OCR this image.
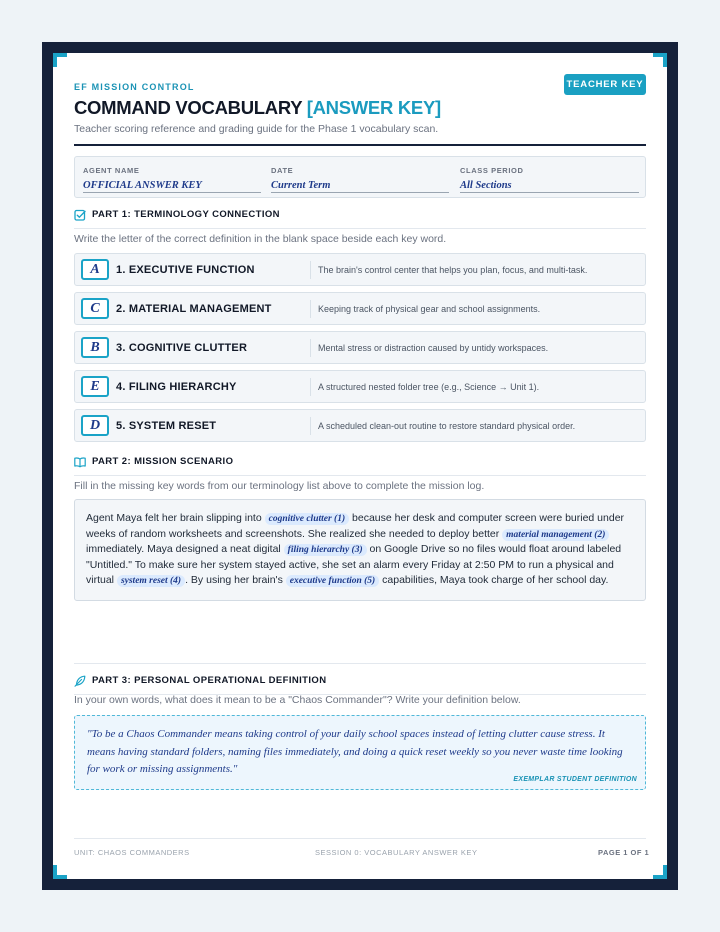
EF MISSION CONTROL	TEACHER KEY
COMMAND VOCABULARY [ANSWER KEY]
Teacher scoring reference and grading guide for the Phase 1 vocabulary scan.
AGENT NAME
OFFICIAL ANSWER KEY
DATE
Current Term
CLASS PERIOD
All Sections
PART 1: TERMINOLOGY CONNECTION
Write the letter of the correct definition in the blank space beside each key word.
A	1. EXECUTIVE FUNCTION	The brain's control center that helps you plan, focus, and multi-task.
C	2. MATERIAL MANAGEMENT	Keeping track of physical gear and school assignments.
B	3. COGNITIVE CLUTTER	Mental stress or distraction caused by untidy workspaces.
E	4. FILING HIERARCHY	A structured nested folder tree (e.g., Science → Unit 1).
D	5. SYSTEM RESET	A scheduled clean-out routine to restore standard physical order.
PART 2: MISSION SCENARIO
Fill in the missing key words from our terminology list above to complete the mission log.
Agent Maya felt her brain slipping into cognitive clutter (1) because her desk and computer screen were buried under weeks of random worksheets and screenshots. She realized she needed to deploy better material management (2) immediately. Maya designed a neat digital filing hierarchy (3) on Google Drive so no files would float around labeled "Untitled." To make sure her system stayed active, she set an alarm every Friday at 2:50 PM to run a physical and virtual system reset (4) . By using her brain's executive function (5) capabilities, Maya took charge of her school day.
PART 3: PERSONAL OPERATIONAL DEFINITION
In your own words, what does it mean to be a "Chaos Commander"? Write your definition below.
"To be a Chaos Commander means taking control of your daily school spaces instead of letting clutter cause stress. It means having standard folders, naming files immediately, and doing a quick reset weekly so you never waste time looking for work or missing assignments."
EXEMPLAR STUDENT DEFINITION
UNIT: CHAOS COMMANDERS	SESSION 0: VOCABULARY ANSWER KEY	PAGE 1 OF 1
